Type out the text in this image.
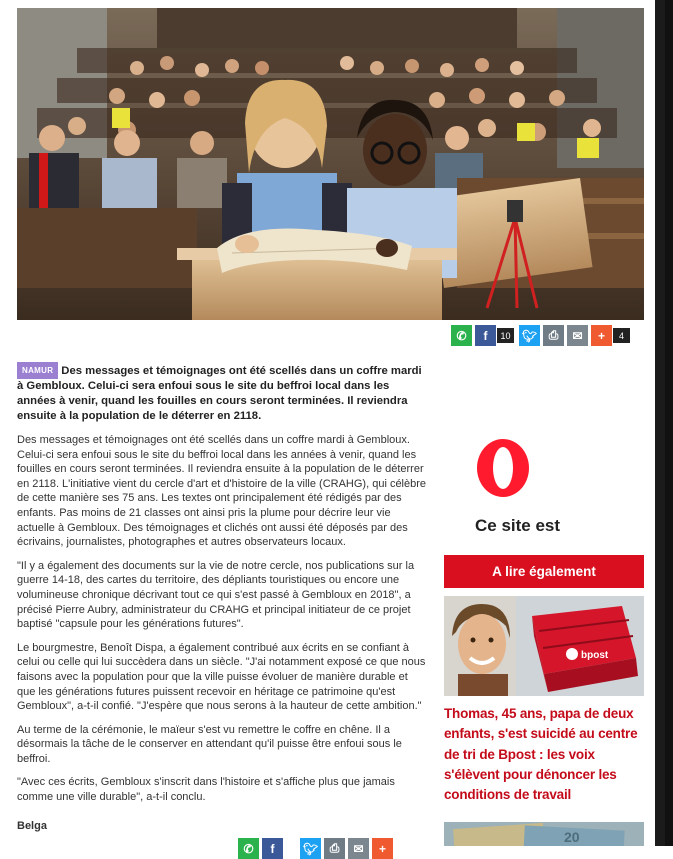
✆ f	10 🐦︎ ⎙ ✉ +	4
NAMUR Des messages et témoignages ont été scellés dans un coffre mardi à Gembloux. Celui-ci sera enfoui sous le site du beffroi local dans les années à venir, quand les fouilles en cours seront terminées. Il reviendra ensuite à la population de le déterrer en 2118.

Des messages et témoignages ont été scellés dans un coffre mardi à Gembloux. Celui-ci sera enfoui sous le site du beffroi local dans les années à venir, quand les fouilles en cours seront terminées. Il reviendra ensuite à la population de le déterrer en 2118. L'initiative vient du cercle d'art et d'histoire de la ville (CRAHG), qui célèbre de cette manière ses 75 ans. Les textes ont principalement été rédigés par des enfants. Pas moins de 21 classes ont ainsi pris la plume pour décrire leur vie actuelle à Gembloux. Des témoignages et clichés ont aussi été déposés par des écrivains, journalistes, photographes et autres observateurs locaux.

"Il y a également des documents sur la vie de notre cercle, nos publications sur la guerre 14-18, des cartes du territoire, des dépliants touristiques ou encore une volumineuse chronique décrivant tout ce qui s'est passé à Gembloux en 2018", a précisé Pierre Aubry, administrateur du CRAHG et principal initiateur de ce projet baptisé "capsule pour les générations futures".

Le bourgmestre, Benoît Dispa, a également contribué aux écrits en se confiant à celui ou celle qui lui succèdera dans un siècle. "J'ai notamment exposé ce que nous faisons avec la population pour que la ville puisse évoluer de manière durable et que les générations futures puissent recevoir en héritage ce patrimoine qu'est Gembloux", a-t-il confié. "J'espère que nous serons à la hauteur de cette ambition."

Au terme de la cérémonie, le maïeur s'est vu remettre le coffre en chêne. Il a désormais la tâche de le conserver en attendant qu'il puisse être enfoui sous le beffroi.

"Avec ces écrits, Gembloux s'inscrit dans l'histoire et s'affiche plus que jamais comme une ville durable", a-t-il conclu.

Belga

✆ f 🐦︎ ⎙ ✉ +
Ce site est
A lire également
bpost
Thomas, 45 ans, papa de deux enfants, s'est suicidé au centre de tri de Bpost : les voix s'élèvent pour dénoncer les conditions de travail
20
